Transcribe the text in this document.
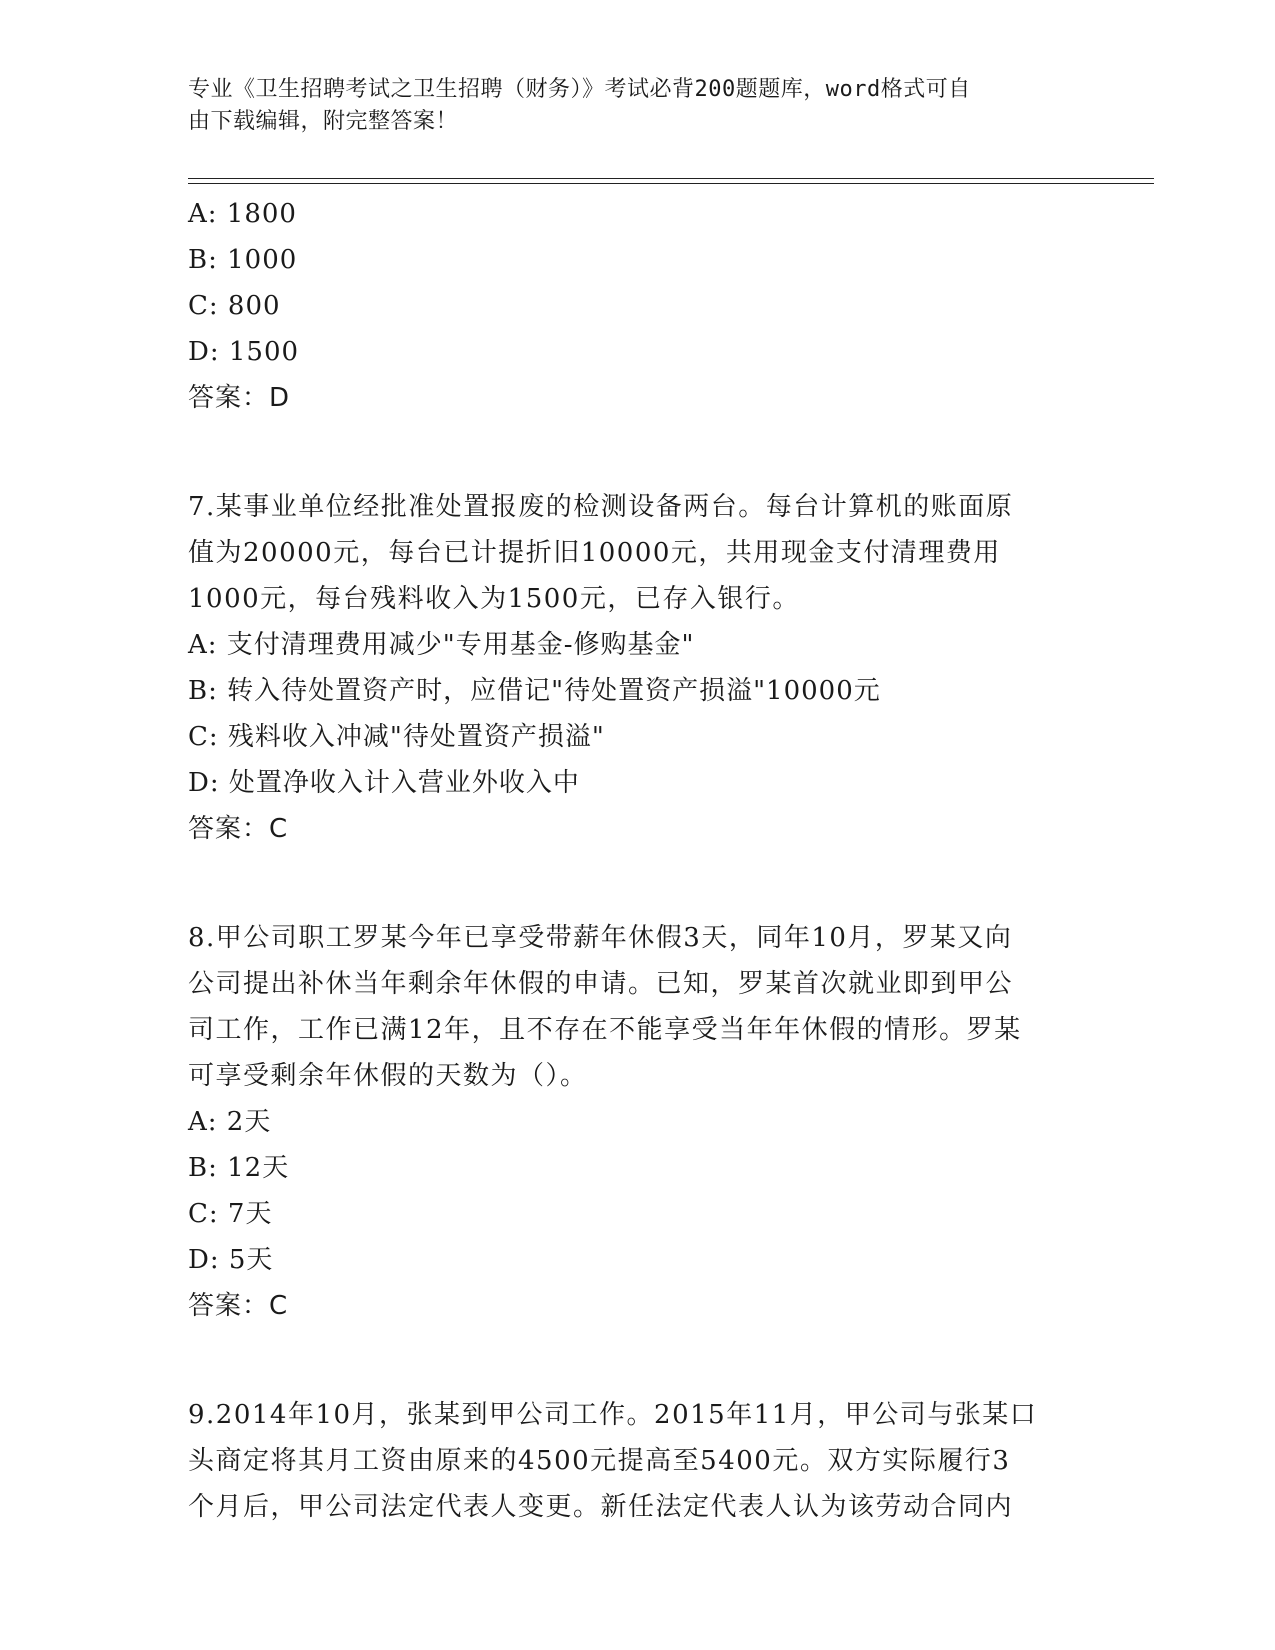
专业《卫生招聘考试之卫生招聘（财务）》考试必背200题题库，word格式可自
由下载编辑，附完整答案！
A: 1800
B: 1000
C: 800
D: 1500
答案：D
7.某事业单位经批准处置报废的检测设备两台。每台计算机的账面原
值为20000元，每台已计提折旧10000元，共用现金支付清理费用
1000元，每台残料收入为1500元，已存入银行。
A: 支付清理费用减少"专用基金-修购基金"
B: 转入待处置资产时，应借记"待处置资产损溢"10000元
C: 残料收入冲减"待处置资产损溢"
D: 处置净收入计入营业外收入中
答案：C
8.甲公司职工罗某今年已享受带薪年休假3天，同年10月，罗某又向
公司提出补休当年剩余年休假的申请。已知，罗某首次就业即到甲公
司工作，工作已满12年，且不存在不能享受当年年休假的情形。罗某
可享受剩余年休假的天数为（）。
A: 2天
B: 12天
C: 7天
D: 5天
答案：C
9.2014年10月，张某到甲公司工作。2015年11月，甲公司与张某口
头商定将其月工资由原来的4500元提高至5400元。双方实际履行3
个月后，甲公司法定代表人变更。新任法定代表人认为该劳动合同内
